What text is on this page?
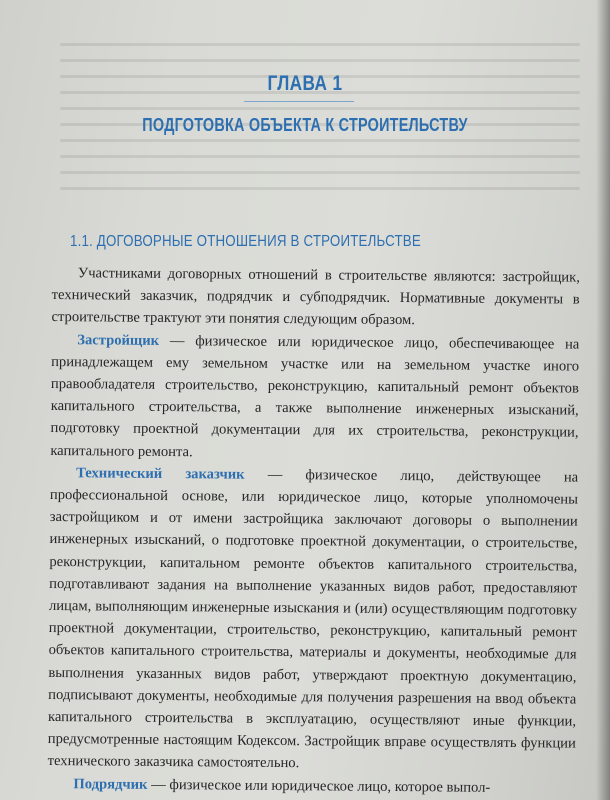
ГЛАВА 1
ПОДГОТОВКА ОБЪЕКТА К СТРОИТЕЛЬСТВУ
1.1. ДОГОВОРНЫЕ ОТНОШЕНИЯ В СТРОИТЕЛЬСТВЕ

Участниками договорных отношений в строительстве являются: застройщик, технический заказчик, подрядчик и субподрядчик. Нормативные документы в строительстве трактуют эти понятия следующим образом.

Застройщик — физическое или юридическое лицо, обеспечивающее на принадлежащем ему земельном участке или на земельном участке иного правообладателя строительство, реконструкцию, капитальный ремонт объектов капитального строительства, а также выполнение инженерных изысканий, подготовку проектной документации для их строительства, реконструкции, капитального ремонта.

Технический заказчик — физическое лицо, действующее на профессиональной основе, или юридическое лицо, которые уполномочены застройщиком и от имени застройщика заключают договоры о выполнении инженерных изысканий, о подготовке проектной документации, о строительстве, реконструкции, капитальном ремонте объектов капитального строительства, подготавливают задания на выполнение указанных видов работ, предоставляют лицам, выполняющим инженерные изыскания и (или) осуществляющим подготовку проектной документации, строительство, реконструкцию, капитальный ремонт объектов капитального строительства, материалы и документы, необходимые для выполнения указанных видов работ, утверждают проектную документацию, подписывают документы, необходимые для получения разрешения на ввод объекта капитального строительства в эксплуатацию, осуществляют иные функции, предусмотренные настоящим Кодексом. Застройщик вправе осуществлять функции технического заказчика самостоятельно.

Подрядчик — физическое или юридическое лицо, которое выпол-
